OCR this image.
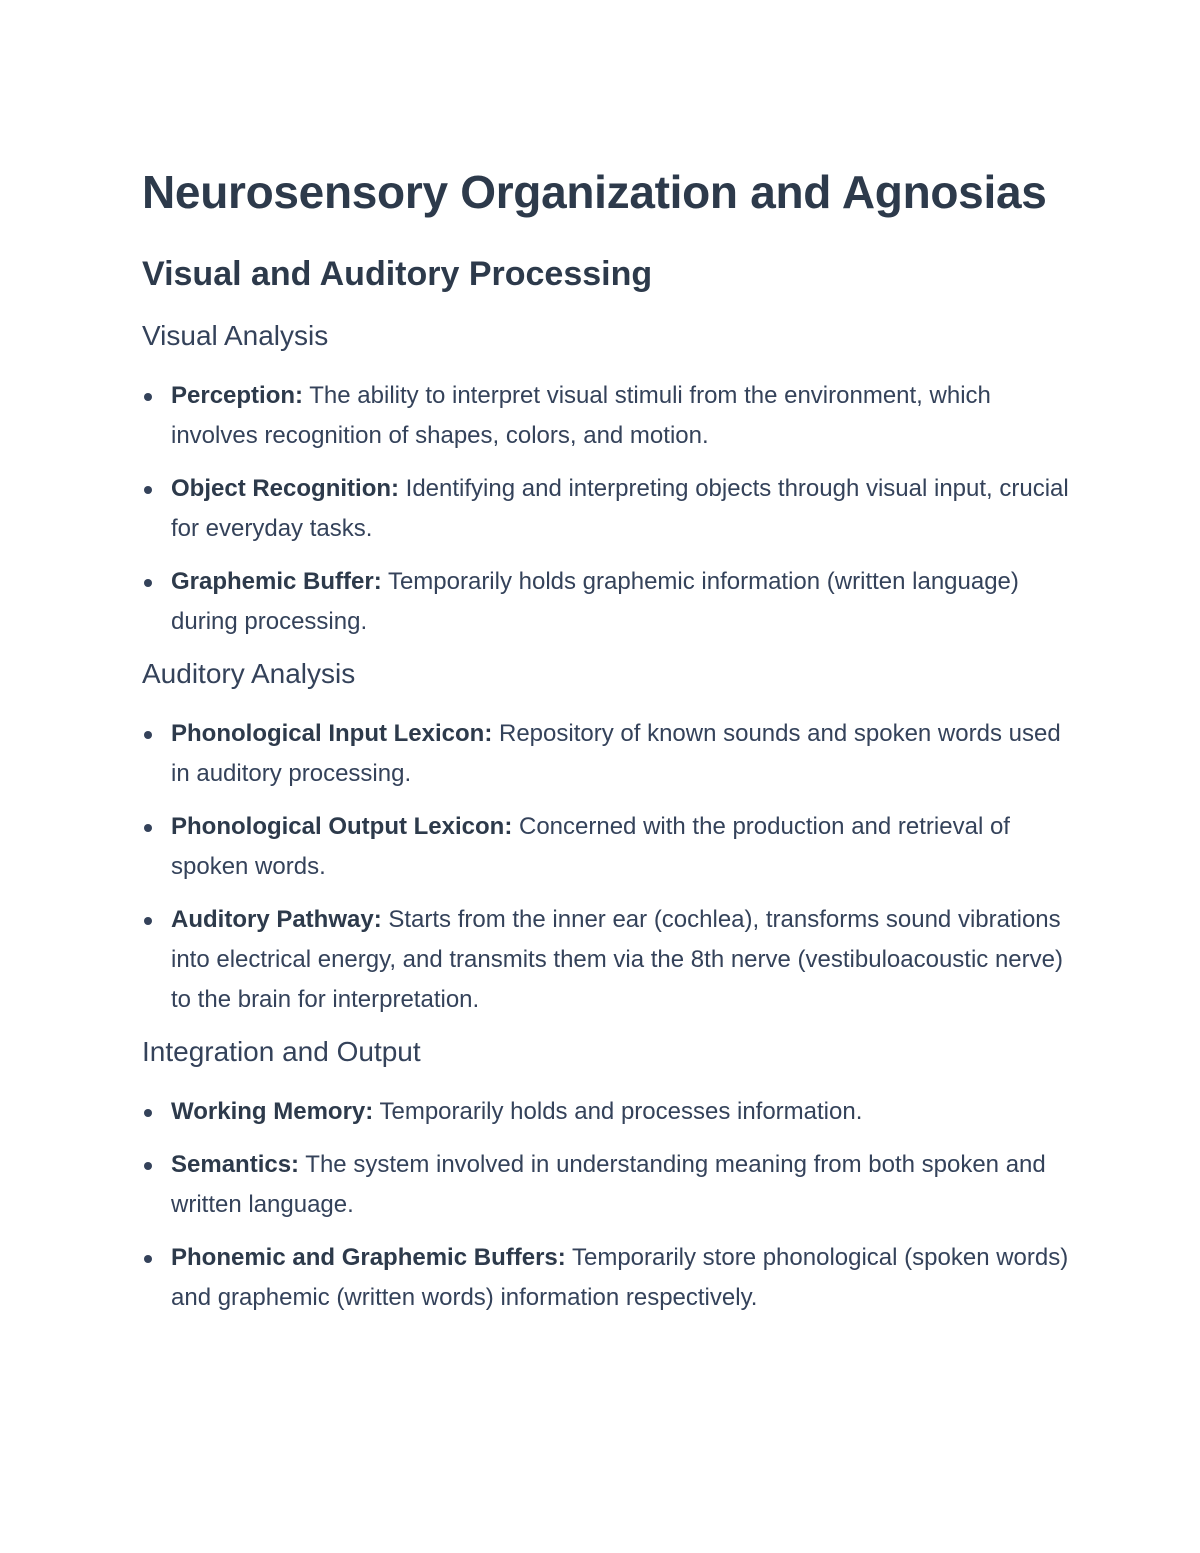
Neurosensory Organization and Agnosias
Visual and Auditory Processing
Visual Analysis
Perception: The ability to interpret visual stimuli from the environment, which involves recognition of shapes, colors, and motion.
Object Recognition: Identifying and interpreting objects through visual input, crucial for everyday tasks.
Graphemic Buffer: Temporarily holds graphemic information (written language) during processing.
Auditory Analysis
Phonological Input Lexicon: Repository of known sounds and spoken words used in auditory processing.
Phonological Output Lexicon: Concerned with the production and retrieval of spoken words.
Auditory Pathway: Starts from the inner ear (cochlea), transforms sound vibrations into electrical energy, and transmits them via the 8th nerve (vestibuloacoustic nerve) to the brain for interpretation.
Integration and Output
Working Memory: Temporarily holds and processes information.
Semantics: The system involved in understanding meaning from both spoken and written language.
Phonemic and Graphemic Buffers: Temporarily store phonological (spoken words) and graphemic (written words) information respectively.
